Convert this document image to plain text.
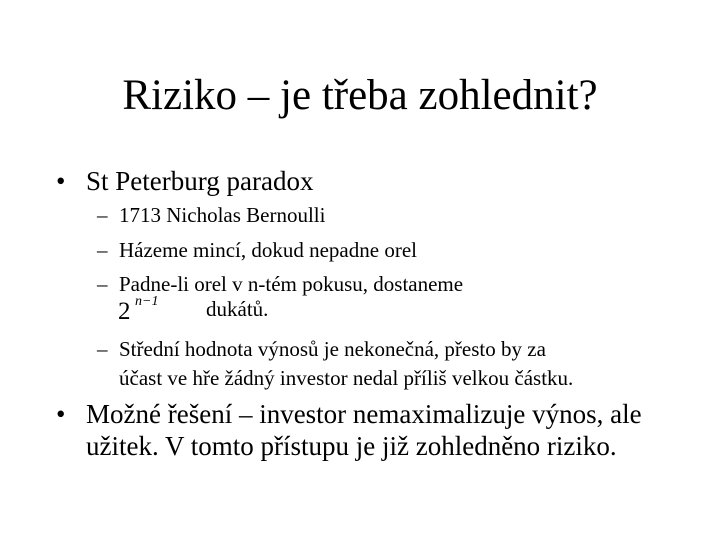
Riziko – je třeba zohlednit?
• St Peterburg paradox
– 1713 Nicholas Bernoulli
– Házeme mincí, dokud nepadne orel
– Padne-li orel v n-tém pokusu, dostaneme
2 n−1 dukátů.
– Střední hodnota výnosů je nekonečná, přesto by za
účast ve hře žádný investor nedal příliš velkou částku.
• Možné řešení – investor nemaximalizuje výnos, ale užitek. V tomto přístupu je již zohledněno riziko.
